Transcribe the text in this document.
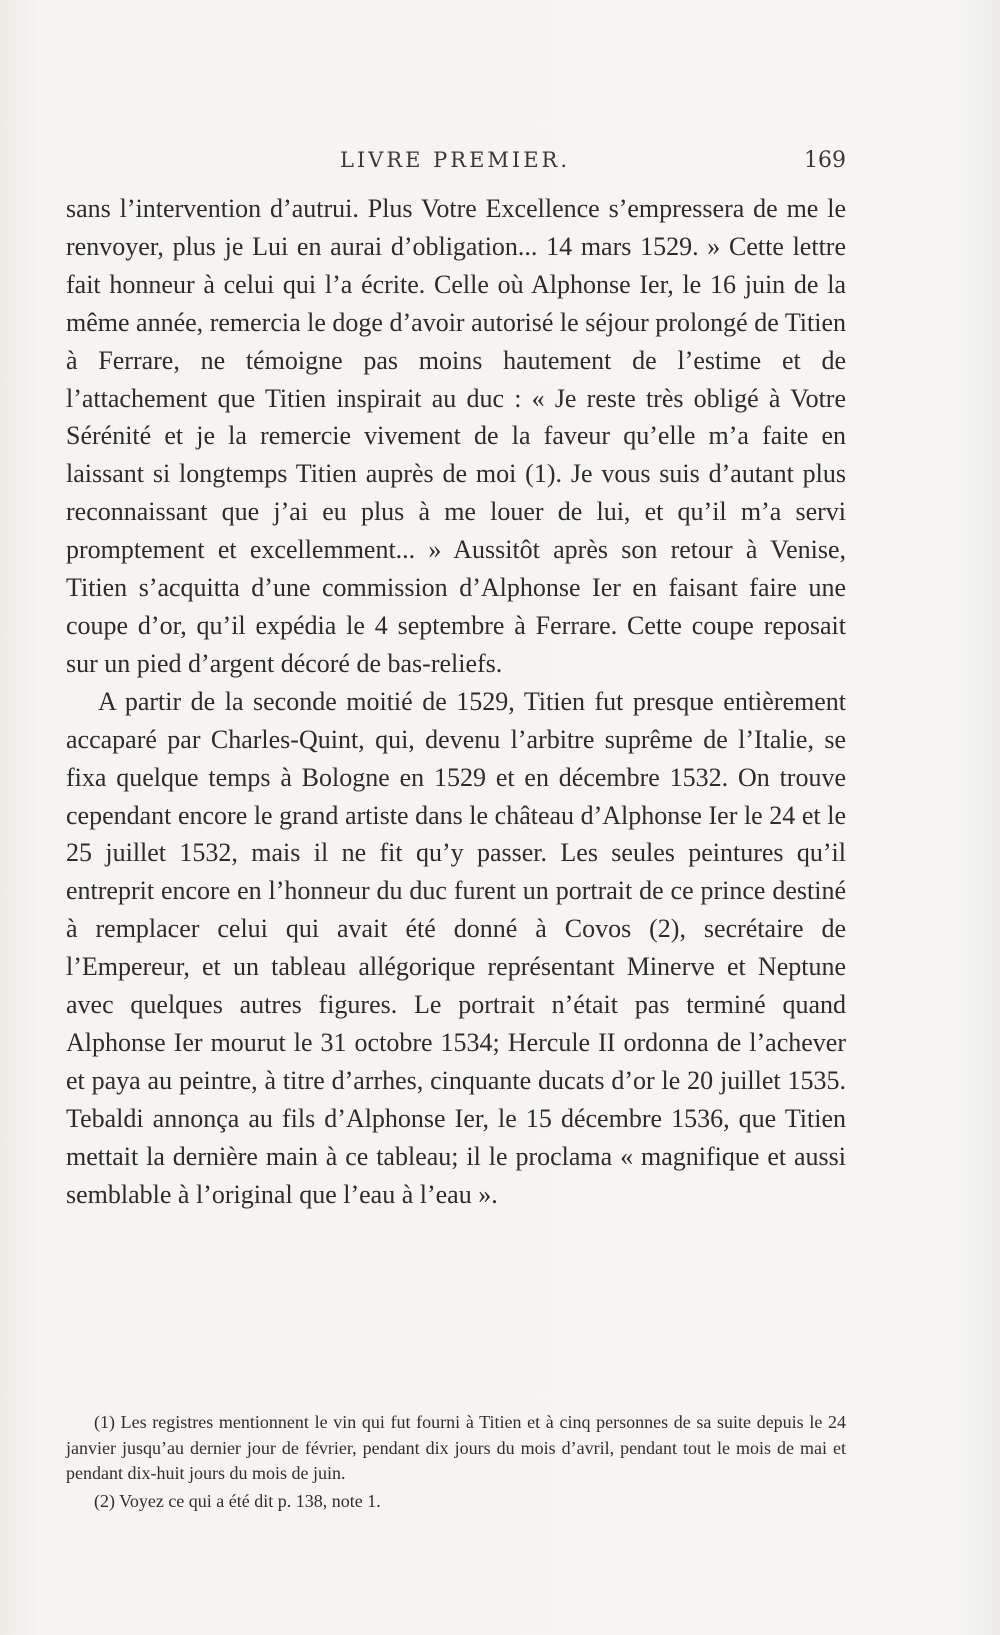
LIVRE PREMIER.	169

sans l’intervention d’autrui. Plus Votre Excellence s’empressera de me le renvoyer, plus je Lui en aurai d’obligation... 14 mars 1529. » Cette lettre fait honneur à celui qui l’a écrite. Celle où Alphonse Ier, le 16 juin de la même année, remercia le doge d’avoir autorisé le séjour prolongé de Titien à Ferrare, ne témoigne pas moins hautement de l’estime et de l’attachement que Titien inspirait au duc : « Je reste très obligé à Votre Sérénité et je la remercie vivement de la faveur qu’elle m’a faite en laissant si longtemps Titien auprès de moi (1). Je vous suis d’autant plus reconnaissant que j’ai eu plus à me louer de lui, et qu’il m’a servi promptement et excellemment... » Aussitôt après son retour à Venise, Titien s’acquitta d’une commission d’Alphonse Ier en faisant faire une coupe d’or, qu’il expédia le 4 septembre à Ferrare. Cette coupe reposait sur un pied d’argent décoré de bas-reliefs.

A partir de la seconde moitié de 1529, Titien fut presque entièrement accaparé par Charles-Quint, qui, devenu l’arbitre suprême de l’Italie, se fixa quelque temps à Bologne en 1529 et en décembre 1532. On trouve cependant encore le grand artiste dans le château d’Alphonse Ier le 24 et le 25 juillet 1532, mais il ne fit qu’y passer. Les seules peintures qu’il entreprit encore en l’honneur du duc furent un portrait de ce prince destiné à remplacer celui qui avait été donné à Covos (2), secrétaire de l’Empereur, et un tableau allégorique représentant Minerve et Neptune avec quelques autres figures. Le portrait n’était pas terminé quand Alphonse Ier mourut le 31 octobre 1534; Hercule II ordonna de l’achever et paya au peintre, à titre d’arrhes, cinquante ducats d’or le 20 juillet 1535. Tebaldi annonça au fils d’Alphonse Ier, le 15 décembre 1536, que Titien mettait la dernière main à ce tableau; il le proclama « magnifique et aussi semblable à l’original que l’eau à l’eau ».

(1) Les registres mentionnent le vin qui fut fourni à Titien et à cinq personnes de sa suite depuis le 24 janvier jusqu’au dernier jour de février, pendant dix jours du mois d’avril, pendant tout le mois de mai et pendant dix-huit jours du mois de juin.

(2) Voyez ce qui a été dit p. 138, note 1.
